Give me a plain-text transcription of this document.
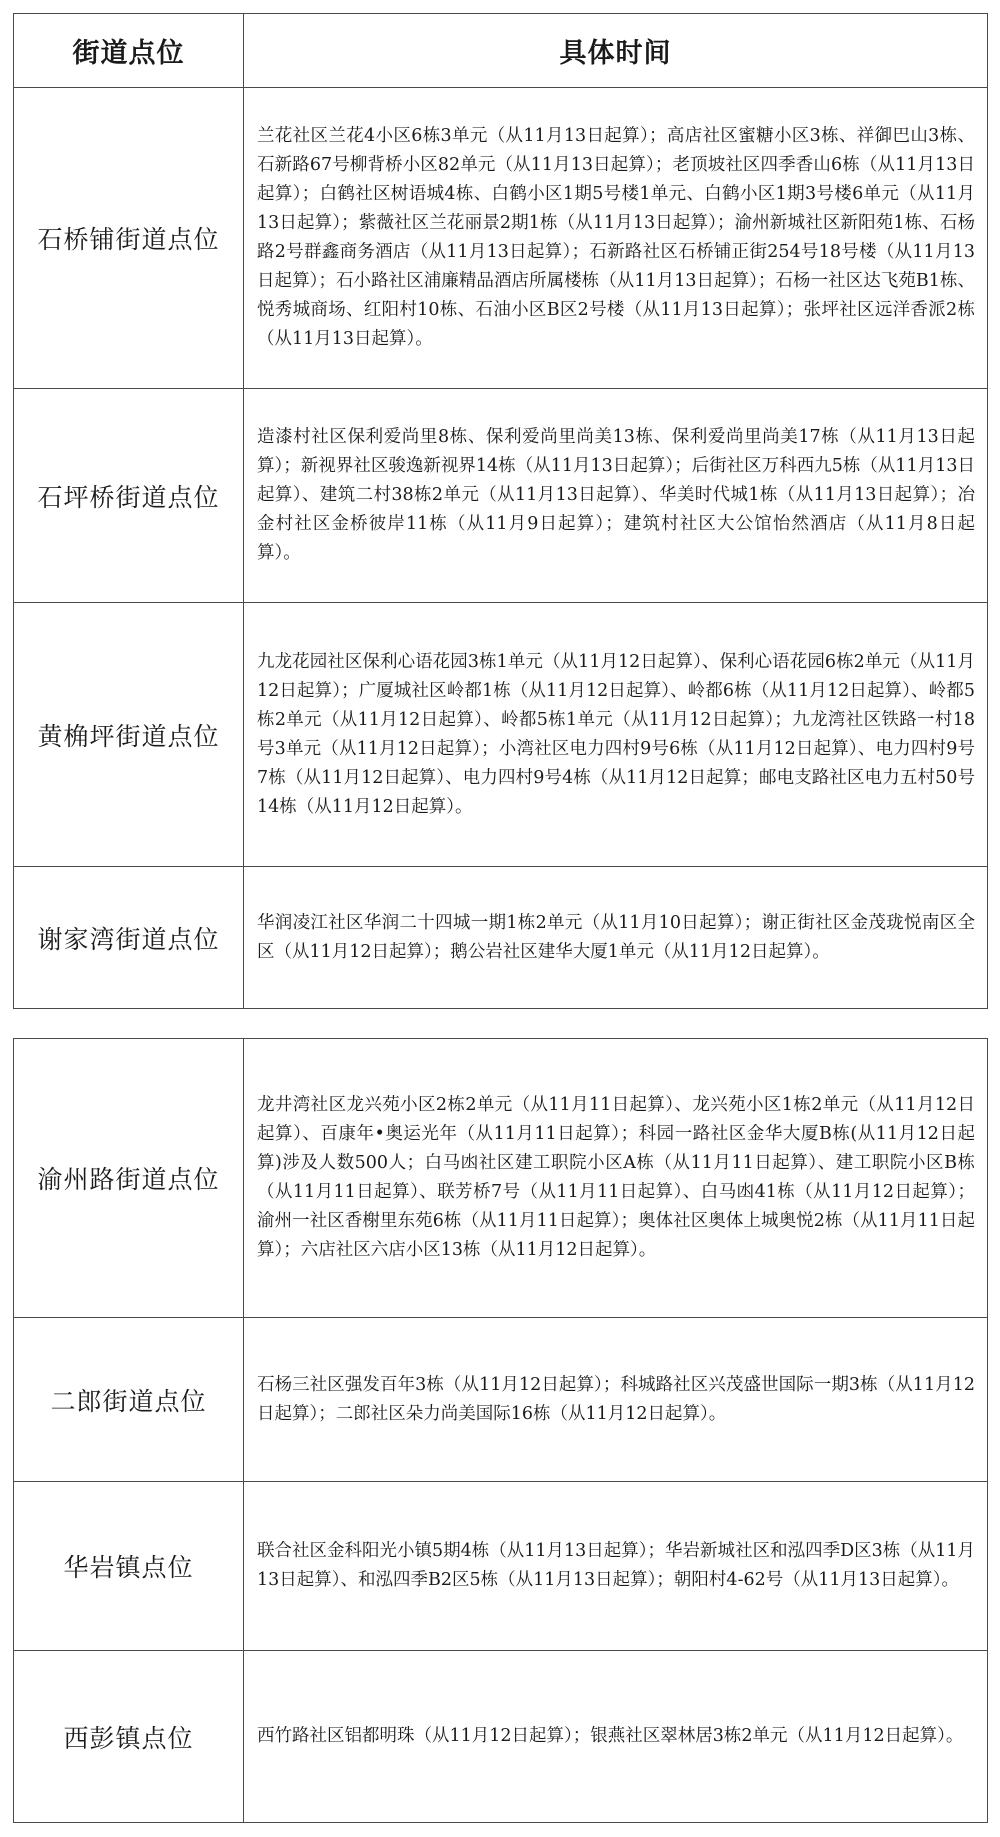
街道点位	具体时间
石桥铺街道点位	兰花社区兰花4小区6栋3单元（从11月13日起算）；高店社区蜜糖小区3栋、祥御巴山3栋、石新路67号柳背桥小区82单元（从11月13日起算）；老顶坡社区四季香山6栋（从11月13日起算）；白鹤社区树语城4栋、白鹤小区1期5号楼1单元、白鹤小区1期3号楼6单元（从11月13日起算）；紫薇社区兰花丽景2期1栋（从11月13日起算）；渝州新城社区新阳苑1栋、石杨路2号群鑫商务酒店（从11月13日起算）；石新路社区石桥铺正街254号18号楼（从11月13日起算）；石小路社区浦廉精品酒店所属楼栋（从11月13日起算）；石杨一社区达飞苑B1栋、悦秀城商场、红阳村10栋、石油小区B区2号楼（从11月13日起算）；张坪社区远洋香派2栋（从11月13日起算）。
石坪桥街道点位	造漆村社区保利爱尚里8栋、保利爱尚里尚美13栋、保利爱尚里尚美17栋（从11月13日起算）；新视界社区骏逸新视界14栋（从11月13日起算）；后街社区万科西九5栋（从11月13日起算）、建筑二村38栋2单元（从11月13日起算）、华美时代城1栋（从11月13日起算）；冶金村社区金桥彼岸11栋（从11月9日起算）；建筑村社区大公馆怡然酒店（从11月8日起算）。
黄桷坪街道点位	九龙花园社区保利心语花园3栋1单元（从11月12日起算）、保利心语花园6栋2单元（从11月12日起算）；广厦城社区岭都1栋（从11月12日起算）、岭都6栋（从11月12日起算）、岭都5栋2单元（从11月12日起算）、岭都5栋1单元（从11月12日起算）；九龙湾社区铁路一村18号3单元（从11月12日起算）；小湾社区电力四村9号6栋（从11月12日起算）、电力四村9号7栋（从11月12日起算）、电力四村9号4栋（从11月12日起算；邮电支路社区电力五村50号14栋（从11月12日起算）。
谢家湾街道点位	华润凌江社区华润二十四城一期1栋2单元（从11月10日起算）；谢正街社区金茂珑悦南区全区（从11月12日起算）；鹅公岩社区建华大厦1单元（从11月12日起算）。
渝州路街道点位	龙井湾社区龙兴苑小区2栋2单元（从11月11日起算）、龙兴苑小区1栋2单元（从11月12日起算）、百康年•奥运光年（从11月11日起算）；科园一路社区金华大厦B栋(从11月12日起算)涉及人数500人；白马凼社区建工职院小区A栋（从11月11日起算）、建工职院小区B栋（从11月11日起算）、联芳桥7号（从11月11日起算）、白马凼41栋（从11月12日起算）；渝州一社区香榭里东苑6栋（从11月11日起算）；奥体社区奥体上城奥悦2栋（从11月11日起算）；六店社区六店小区13栋（从11月12日起算）。
二郎街道点位	石杨三社区强发百年3栋（从11月12日起算）；科城路社区兴茂盛世国际一期3栋（从11月12日起算）；二郎社区朵力尚美国际16栋（从11月12日起算）。
华岩镇点位	联合社区金科阳光小镇5期4栋（从11月13日起算）；华岩新城社区和泓四季D区3栋（从11月13日起算）、和泓四季B2区5栋（从11月13日起算）；朝阳村4-62号（从11月13日起算）。
西彭镇点位	西竹路社区铝都明珠（从11月12日起算）；银燕社区翠林居3栋2单元（从11月12日起算）。
